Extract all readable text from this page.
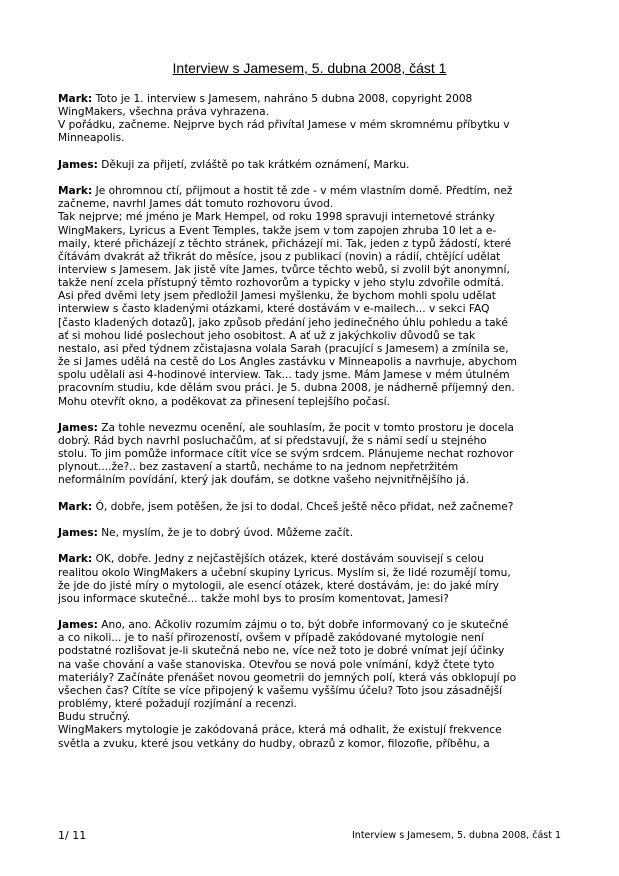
Interview s Jamesem, 5. dubna 2008, část 1
Mark: Toto je 1. interview s Jamesem, nahráno 5 dubna 2008, copyright 2008
WingMakers, všechna práva vyhrazena.
V pořádku, začneme. Nejprve bych rád přivítal Jamese v mém skromnému příbytku v
Minneapolis.
James: Děkuji za přijetí, zvláště po tak krátkém oznámení, Marku.
Mark: Je ohromnou ctí, přijmout a hostit tě zde - v mém vlastním domě. Předtím, než
začneme, navrhl James dát tomuto rozhovoru úvod.
Tak nejprve; mé jméno je Mark Hempel, od roku 1998 spravuji internetové stránky
WingMakers, Lyricus a Event Temples, takže jsem v tom zapojen zhruba 10 let a e-
maily, které přicházejí z těchto stránek, přicházejí mi. Tak, jeden z typů žádostí, které
čítávám dvakrát až třikrát do měsíce, jsou z publikací (novin) a rádií, chtějící udělat
interview s Jamesem. Jak jistě víte James, tvůrce těchto webů, si zvolil být anonymní,
takže není zcela přístupný těmto rozhovorům a typicky v jeho stylu zdvořile odmítá.
Asi před dvěmi lety jsem předložil Jamesi myšlenku, že bychom mohli spolu udělat
interwiew s často kladenými otázkami, které dostávám v e-mailech... v sekci FAQ
[často kladených dotazů], jako způsob předání jeho jedinečného úhlu pohledu a také
ať si mohou lidé poslechout jeho osobitost. A ať už z jakýchkoliv důvodů se tak
nestalo, asi před týdnem zčistajasna volala Sarah (pracující s Jamesem) a zmínila se,
že si James udělá na cestě do Los Angles zastávku v Minneapolis a navrhuje, abychom
spolu udělali asi 4-hodinové interview. Tak... tady jsme. Mám Jamese v mém útulném
pracovním studiu, kde dělám svou práci. Je 5. dubna 2008, je nádherně příjemný den.
Mohu otevřít okno, a poděkovat za přinesení teplejšího počasí.
James: Za tohle nevezmu ocenění, ale souhlasím, že pocit v tomto prostoru je docela
dobrý. Rád bych navrhl posluchačům, ať si představují, že s námi sedí u stejného
stolu. To jim pomůže informace cítit více se svým srdcem. Plánujeme nechat rozhovor
plynout....že?.. bez zastavení a startů, necháme to na jednom nepřetržitém
neformálním povídání, který jak doufám, se dotkne vašeho nejvnitřnějšího já.
Mark: Ó, dobře, jsem potěšen, že jsi to dodal. Chceš ještě něco přidat, než začneme?
James: Ne, myslím, že je to dobrý úvod. Můžeme začít.
Mark: OK, dobře. Jedny z nejčastějších otázek, které dostávám souvisejí s celou
realitou okolo WingMakers a učební skupiny Lyricus. Myslím si, že lidé rozumějí tomu,
že jde do jisté míry o mytologii, ale esencí otázek, které dostávám, je: do jaké míry
jsou informace skutečné... takže mohl bys to prosím komentovat, Jamesi?
James: Ano, ano. Ačkoliv rozumím zájmu o to, být dobře informovaný co je skutečné
a co nikoli... je to naší přirozeností, ovšem v případě zakódované mytologie není
podstatné rozlišovat je-li skutečná nebo ne, více než toto je dobré vnímat její účinky
na vaše chování a vaše stanoviska. Otevřou se nová pole vnímání, když čtete tyto
materiály? Začínáte přenášet novou geometrii do jemných polí, která vás obklopují po
všechen čas? Cítíte se více připojený k vašemu vyššímu účelu? Toto jsou zásadnější
problémy, které požadují rozjímání a recenzi.
Budu stručný.
WingMakers mytologie je zakódovaná práce, která má odhalit, že existují frekvence
světla a zvuku, které jsou vetkány do hudby, obrazů z komor, filozofie, příběhu, a
1/ 11	Interview s Jamesem, 5. dubna 2008, část 1
